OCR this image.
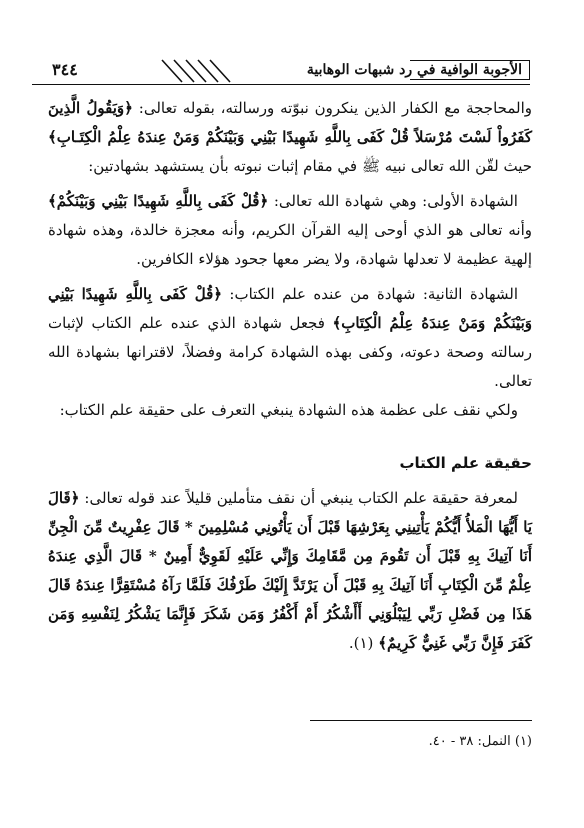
٣٤٤	الأجوبة الوافية في رد شبهات الوهابية

والمحاججة مع الكفار الذين ينكرون نبوّته ورسالته، بقوله تعالى: ﴿وَيَقُولُ الَّذِينَ كَفَرُواْ لَسْتَ مُرْسَلاً قُلْ كَفَى بِاللَّهِ شَهِيدًا بَيْنِي وَبَيْنَكُمْ وَمَنْ عِندَهُ عِلْمُ الْكِتَـابِ﴾ حيث لقّن الله تعالى نبيه ﷺ في مقام إثبات نبوته بأن يستشهد بشهادتين:

الشهادة الأولى: وهي شهادة الله تعالى: ﴿قُلْ كَفَى بِاللَّهِ شَهِيدًا بَيْنِي وَبَيْنَكُمْ﴾ وأنه تعالى هو الذي أوحى إليه القرآن الكريم، وأنه معجزة خالدة، وهذه شهادة إلهية عظيمة لا تعدلها شهادة، ولا يضر معها جحود هؤلاء الكافرين.

الشهادة الثانية: شهادة من عنده علم الكتاب: ﴿قُلْ كَفَى بِاللَّهِ شَهِيدًا بَيْنِي وَبَيْنَكُمْ وَمَنْ عِندَهُ عِلْمُ الْكِتَابِ﴾ فجعل شهادة الذي عنده علم الكتاب لإثبات رسالته وصحة دعوته، وكفى بهذه الشهادة كرامة وفضلاً، لاقترانها بشهادة الله تعالى.

ولكي نقف على عظمة هذه الشهادة ينبغي التعرف على حقيقة علم الكتاب:

حقيقة علم الكتاب

لمعرفة حقيقة علم الكتاب ينبغي أن نقف متأملين قليلاً عند قوله تعالى: ﴿قَالَ يَا أَيُّهَا الْمَلأُ أَيُّكُمْ يَأْتِينِي بِعَرْشِهَا قَبْلَ أَن يَأْتُونِي مُسْلِمِينَ * قَالَ عِفْرِيتٌ مِّنَ الْجِنِّ أَنَا آتِيكَ بِهِ قَبْلَ أَن تَقُومَ مِن مَّقَامِكَ وَإِنِّي عَلَيْهِ لَقَوِيٌّ أَمِينٌ * قَالَ الَّذِي عِندَهُ عِلْمٌ مِّنَ الْكِتَابِ أَنَا آتِيكَ بِهِ قَبْلَ أَن يَرْتَدَّ إِلَيْكَ طَرْفُكَ فَلَمَّا رَآهُ مُسْتَقِرًّا عِندَهُ قَالَ هَذَا مِن فَضْلِ رَبِّي لِيَبْلُوَنِي أَأَشْكُرُ أَمْ أَكْفُرُ وَمَن شَكَرَ فَإِنَّمَا يَشْكُرُ لِنَفْسِهِ وَمَن كَفَرَ فَإِنَّ رَبِّي غَنِيٌّ كَرِيمٌ﴾ (١).

(١) النمل: ٣٨ - ٤٠.
